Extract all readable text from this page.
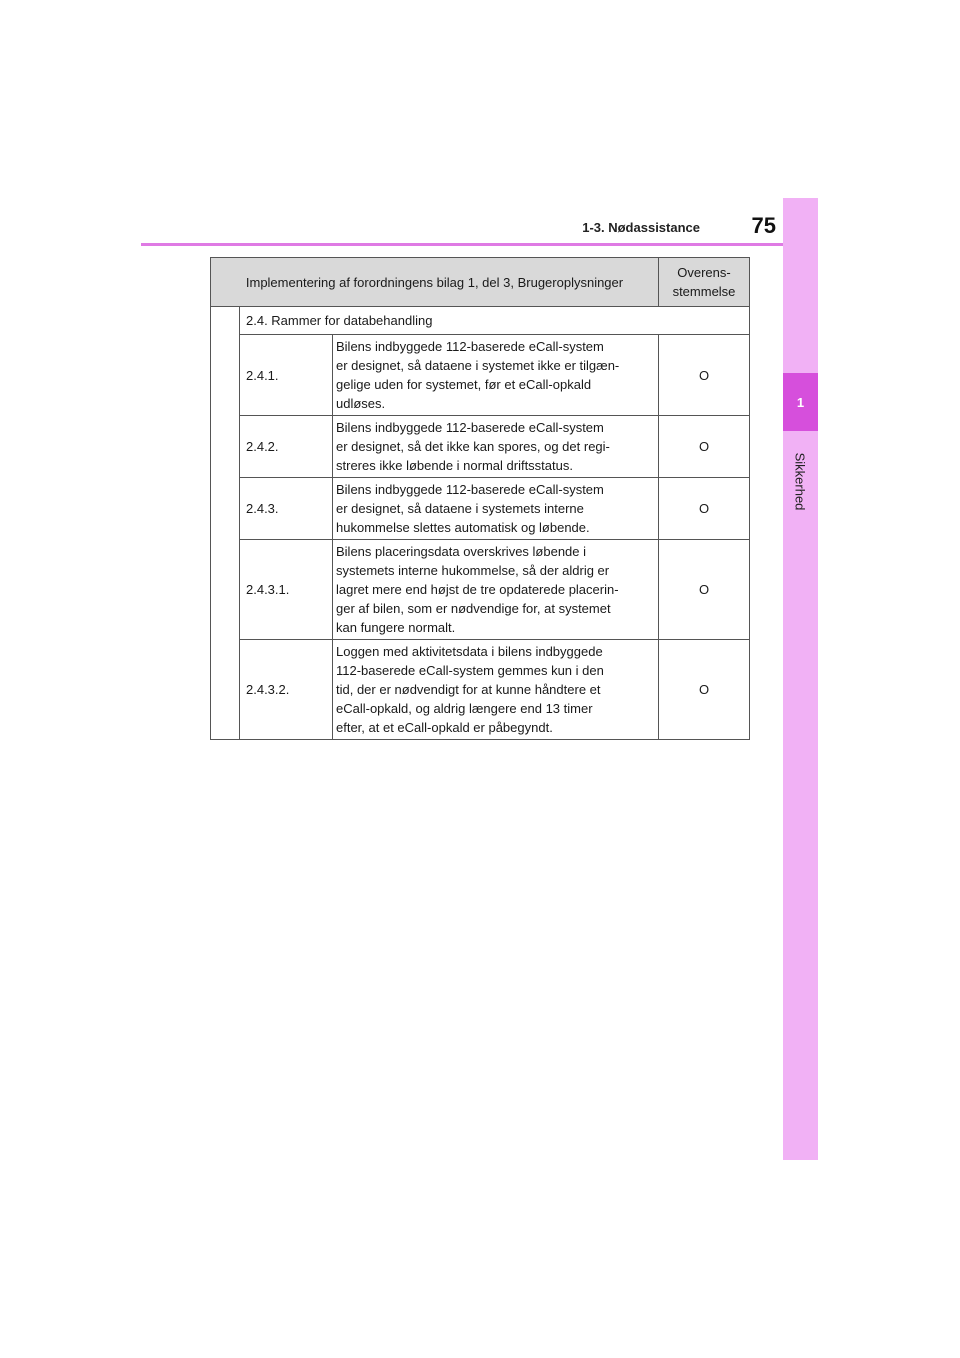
1
Sikkerhed
1-3. Nødassistance	75
Implementering af forordningens bilag 1, del 3, Brugeroplysninger			Overens-
stemmelse
	2.4. Rammer for databehandling		
	2.4.1.	Bilens indbyggede 112-baserede eCall-system
er designet, så dataene i systemet ikke er tilgæn-
gelige uden for systemet, før et eCall-opkald
udløses.	O
	2.4.2.	Bilens indbyggede 112-baserede eCall-system
er designet, så det ikke kan spores, og det regi-
streres ikke løbende i normal driftsstatus.	O
	2.4.3.	Bilens indbyggede 112-baserede eCall-system
er designet, så dataene i systemets interne
hukommelse slettes automatisk og løbende.	O
	2.4.3.1.	Bilens placeringsdata overskrives løbende i
systemets interne hukommelse, så der aldrig er
lagret mere end højst de tre opdaterede placerin-
ger af bilen, som er nødvendige for, at systemet
kan fungere normalt.	O
	2.4.3.2.	Loggen med aktivitetsdata i bilens indbyggede
112-baserede eCall-system gemmes kun i den
tid, der er nødvendigt for at kunne håndtere et
eCall-opkald, og aldrig længere end 13 timer
efter, at et eCall-opkald er påbegyndt.	O
